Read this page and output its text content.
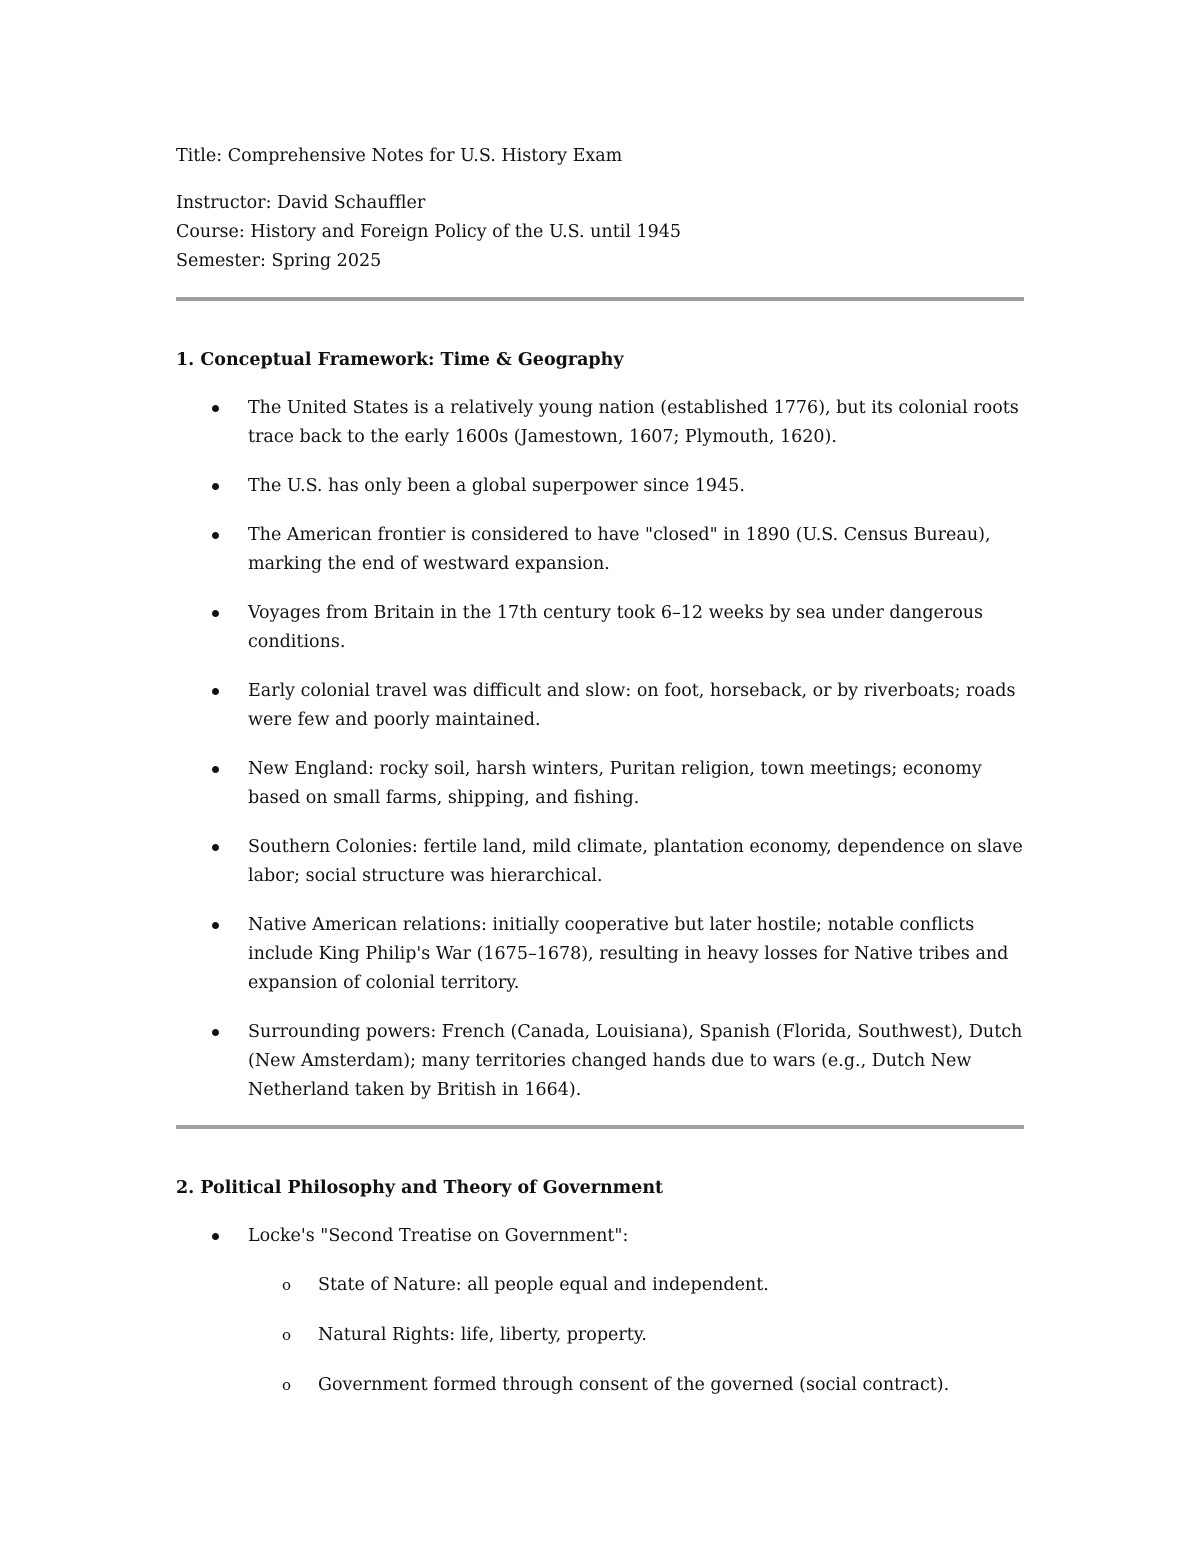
Title: Comprehensive Notes for U.S. History Exam

Instructor: David Schauffler

Course: History and Foreign Policy of the U.S. until 1945

Semester: Spring 2025

1. Conceptual Framework: Time & Geography

The United States is a relatively young nation (established 1776), but its colonial roots trace back to the early 1600s (Jamestown, 1607; Plymouth, 1620).
The U.S. has only been a global superpower since 1945.
The American frontier is considered to have "closed" in 1890 (U.S. Census Bureau), marking the end of westward expansion.
Voyages from Britain in the 17th century took 6–12 weeks by sea under dangerous conditions.
Early colonial travel was difficult and slow: on foot, horseback, or by riverboats; roads were few and poorly maintained.
New England: rocky soil, harsh winters, Puritan religion, town meetings; economy based on small farms, shipping, and fishing.
Southern Colonies: fertile land, mild climate, plantation economy, dependence on slave labor; social structure was hierarchical.
Native American relations: initially cooperative but later hostile; notable conflicts include King Philip's War (1675–1678), resulting in heavy losses for Native tribes and expansion of colonial territory.
Surrounding powers: French (Canada, Louisiana), Spanish (Florida, Southwest), Dutch (New Amsterdam); many territories changed hands due to wars (e.g., Dutch New Netherland taken by British in 1664).

2. Political Philosophy and Theory of Government

Locke's "Second Treatise on Government":
o State of Nature: all people equal and independent.
o Natural Rights: life, liberty, property.
o Government formed through consent of the governed (social contract).
